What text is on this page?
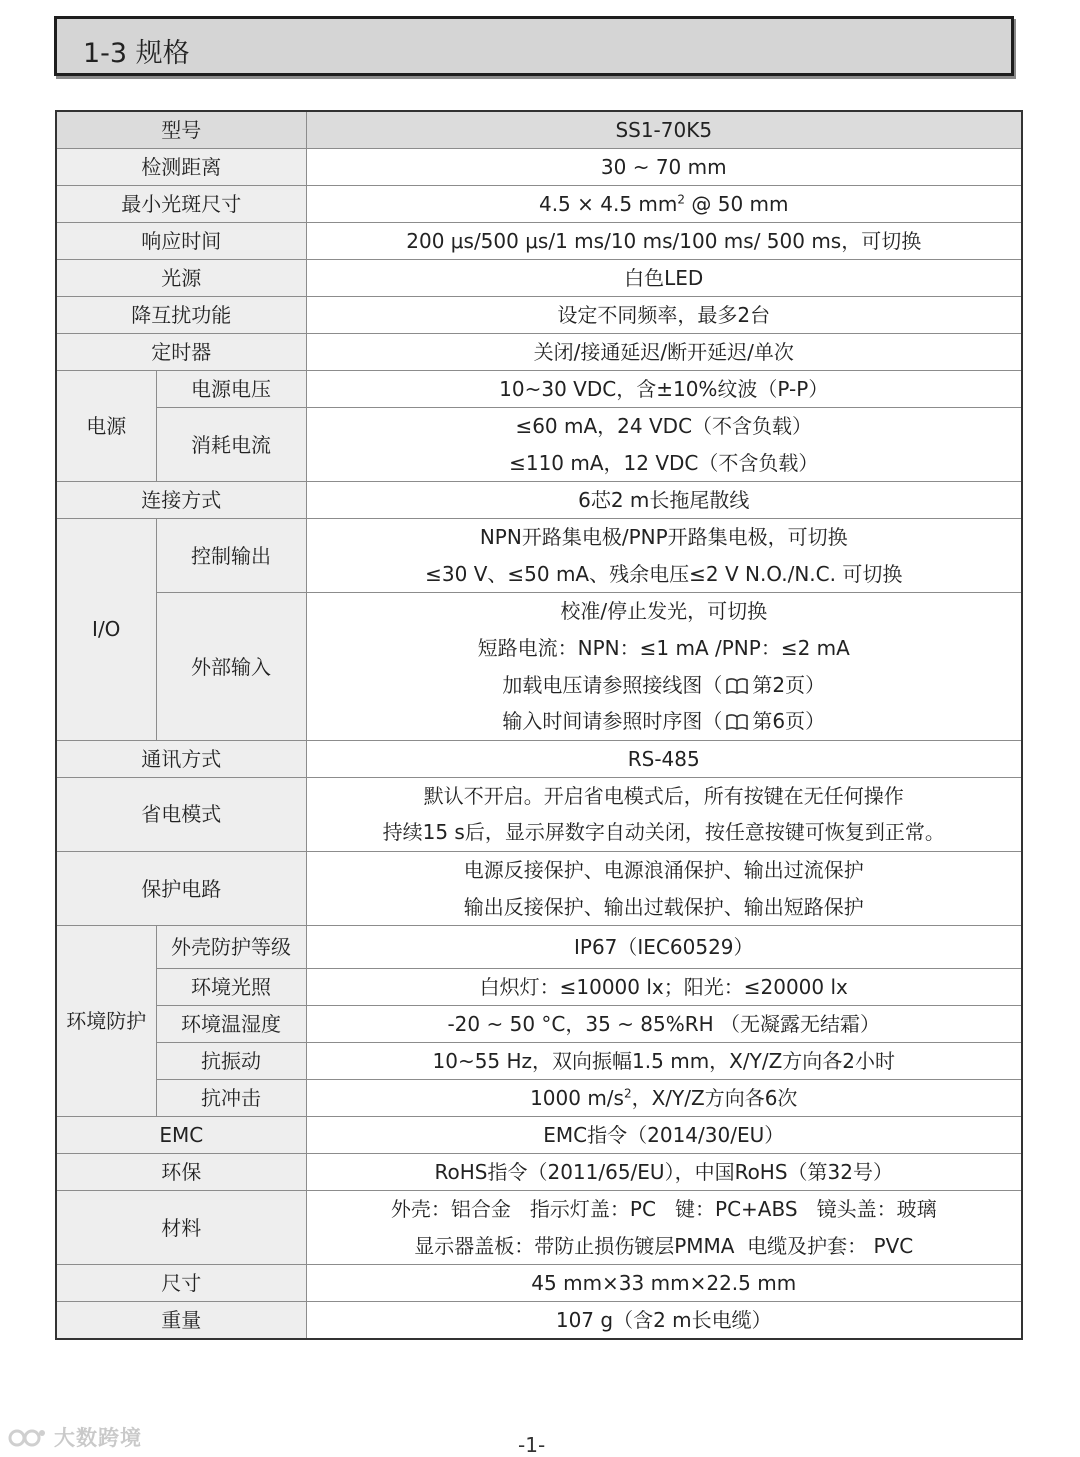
1-3 规格
型号		SS1-70K5
检测距离		30 ~ 70 mm
最小光斑尺寸		4.5 × 4.5 $mm^2$ @ 50 mm
响应时间		200 μs/500 μs/1 ms/10 ms/100 ms/ 500 ms，可切换
光源		白色LED
降互扰功能		设定不同频率，最多2台
定时器		关闭/接通延迟/断开延迟/单次
电源	电源电压	10~30 VDC，含±10%纹波（P-P）
	消耗电流	≤60 mA，24 VDC（不含负载）
≤110 mA，12 VDC（不含负载）

连接方式		6芯2 m长拖尾散线
I/O	控制输出	NPN开路集电极/PNP开路集电极，可切换
≤30 V、≤50 mA、残余电压≤2 V N.O./N.C. 可切换

	外部输入	校准/停止发光，可切换
短路电流：NPN：≤1 mA /PNP：≤2 mA
加载电压请参照接线图（ 第2页）
输入时间请参照时序图（ 第6页）

通讯方式		RS-485
省电模式		默认不开启。开启省电模式后，所有按键在无任何操作
持续15 s后，显示屏数字自动关闭，按任意按键可恢复到正常。

保护电路		电源反接保护、电源浪涌保护、输出过流保护
输出反接保护、输出过载保护、输出短路保护

环境防护	外壳防护等级	IP67（IEC60529）
	环境光照	白炽灯：≤10000 lx；阳光：≤20000 lx
	环境温湿度	-20 ~ 50 °C，35 ~ 85%RH （无凝露无结霜）
	抗振动	10~55 Hz，双向振幅1.5 mm，X/Y/Z方向各2小时
	抗冲击	1000 $m/s^2$，X/Y/Z方向各6次
EMC		EMC指令（2014/30/EU）
环保		RoHS指令（2011/65/EU），中国RoHS（第32号）
材料		外壳：铝合金   指示灯盖：PC   键：PC+ABS   镜头盖：玻璃
显示器盖板：带防止损伤镀层PMMA  电缆及护套： PVC

尺寸		45 mm×33 mm×22.5 mm
重量		107 g（含2 m长电缆）
大数跨境	-1-
